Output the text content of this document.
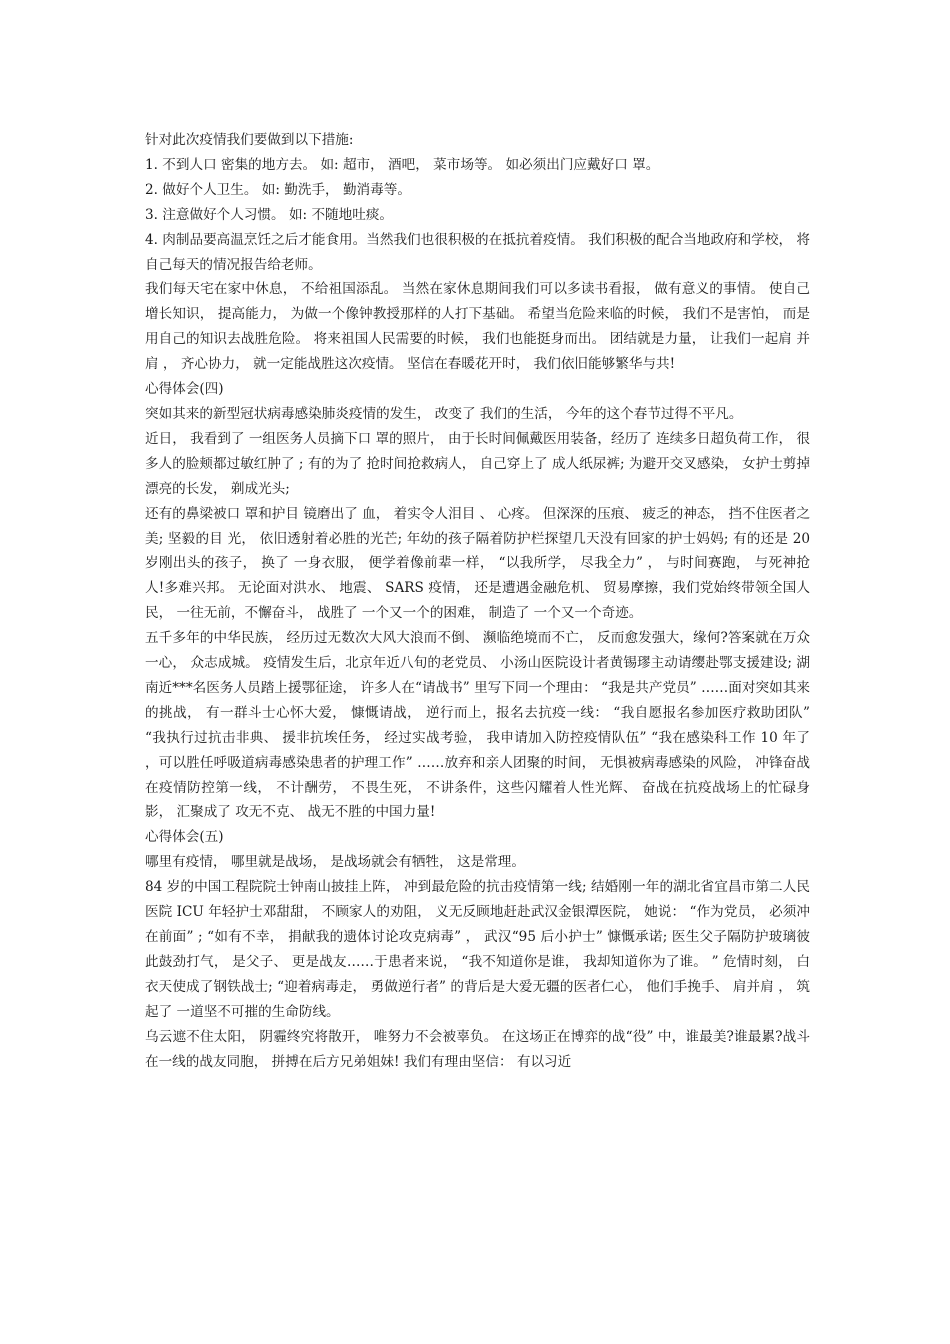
针对此次疫情我们要做到以下措施:

1. 不到人口 密集的地方去。 如: 超市， 酒吧， 菜市场等。 如必须出门应戴好口 罩。

2. 做好个人卫生。 如: 勤洗手， 勤消毒等。

3. 注意做好个人习惯。 如: 不随地吐痰。

4. 肉制品要高温烹饪之后才能食用。当然我们也很积极的在抵抗着疫情。 我们积极的配合当地政府和学校， 将自己每天的情况报告给老师。

我们每天宅在家中休息， 不给祖国添乱。 当然在家休息期间我们可以多读书看报， 做有意义的事情。 使自己增长知识， 提高能力， 为做一个像钟教授那样的人打下基础。 希望当危险来临的时候， 我们不是害怕， 而是用自己的知识去战胜危险。 将来祖国人民需要的时候， 我们也能挺身而出。 团结就是力量， 让我们一起肩 并肩 ， 齐心协力， 就一定能战胜这次疫情。 坚信在春暖花开时， 我们依旧能够繁华与共!

心得体会(四)

突如其来的新型冠状病毒感染肺炎疫情的发生， 改变了 我们的生活， 今年的这个春节过得不平凡。

近日， 我看到了 一组医务人员摘下口 罩的照片， 由于长时间佩戴医用装备，经历了 连续多日超负荷工作， 很多人的脸颊都过敏红肿了 ; 有的为了 抢时间抢救病人， 自己穿上了 成人纸尿裤; 为避开交叉感染， 女护士剪掉漂亮的长发， 剃成光头;

还有的鼻梁被口 罩和护目 镜磨出了 血， 着实令人泪目 、 心疼。 但深深的压痕、 疲乏的神态， 挡不住医者之美; 坚毅的目 光， 依旧透射着必胜的光芒; 年幼的孩子隔着防护栏探望几天没有回家的护士妈妈; 有的还是 20 岁刚出头的孩子， 换了 一身衣服， 便学着像前辈一样， “以我所学， 尽我全力” ， 与时间赛跑， 与死神抢人!多难兴邦。 无论面对洪水、 地震、 SARS 疫情， 还是遭遇金融危机、 贸易摩擦，我们党始终带领全国人民， 一往无前，不懈奋斗， 战胜了 一个又一个的困难， 制造了 一个又一个奇迹。

五千多年的中华民族， 经历过无数次大风大浪而不倒、 濒临绝境而不亡， 反而愈发强大，缘何?答案就在万众一心， 众志成城。 疫情发生后，北京年近八旬的老党员、 小汤山医院设计者黄锡璆主动请缨赴鄂支援建设; 湖南近***名医务人员踏上援鄂征途， 许多人在“请战书” 里写下同一个理由： “我是共产党员” ……面对突如其来的挑战， 有一群斗士心怀大爱， 慷慨请战， 逆行而上，报名去抗疫一线： “我自愿报名参加医疗救助团队” “我执行过抗击非典、 援非抗埃任务， 经过实战考验， 我申请加入防控疫情队伍” “我在感染科工作 10 年了 ，可以胜任呼吸道病毒感染患者的护理工作” ……放弃和亲人团聚的时间， 无惧被病毒感染的风险， 冲锋奋战在疫情防控第一线， 不计酬劳， 不畏生死， 不讲条件，这些闪耀着人性光辉、 奋战在抗疫战场上的忙碌身影， 汇聚成了 攻无不克、 战无不胜的中国力量!

心得体会(五)

哪里有疫情， 哪里就是战场， 是战场就会有牺牲， 这是常理。

84 岁的中国工程院院士钟南山披挂上阵， 冲到最危险的抗击疫情第一线; 结婚刚一年的湖北省宜昌市第二人民医院 ICU 年轻护士邓甜甜， 不顾家人的劝阻， 义无反顾地赶赴武汉金银潭医院， 她说： “作为党员， 必须冲在前面” ; “如有不幸， 捐献我的遗体讨论攻克病毒” ， 武汉“95 后小护士” 慷慨承诺; 医生父子隔防护玻璃彼此鼓劲打气， 是父子、 更是战友……于患者来说， “我不知道你是谁， 我却知道你为了谁。 ” 危情时刻， 白衣天使成了钢铁战士; “迎着病毒走， 勇做逆行者” 的背后是大爱无疆的医者仁心， 他们手挽手、 肩并肩 ， 筑起了 一道坚不可摧的生命防线。

乌云遮不住太阳， 阴霾终究将散开， 唯努力不会被辜负。 在这场正在博弈的战“役” 中，谁最美?谁最累?战斗在一线的战友同胞， 拼搏在后方兄弟姐妹! 我们有理由坚信： 有以习近
